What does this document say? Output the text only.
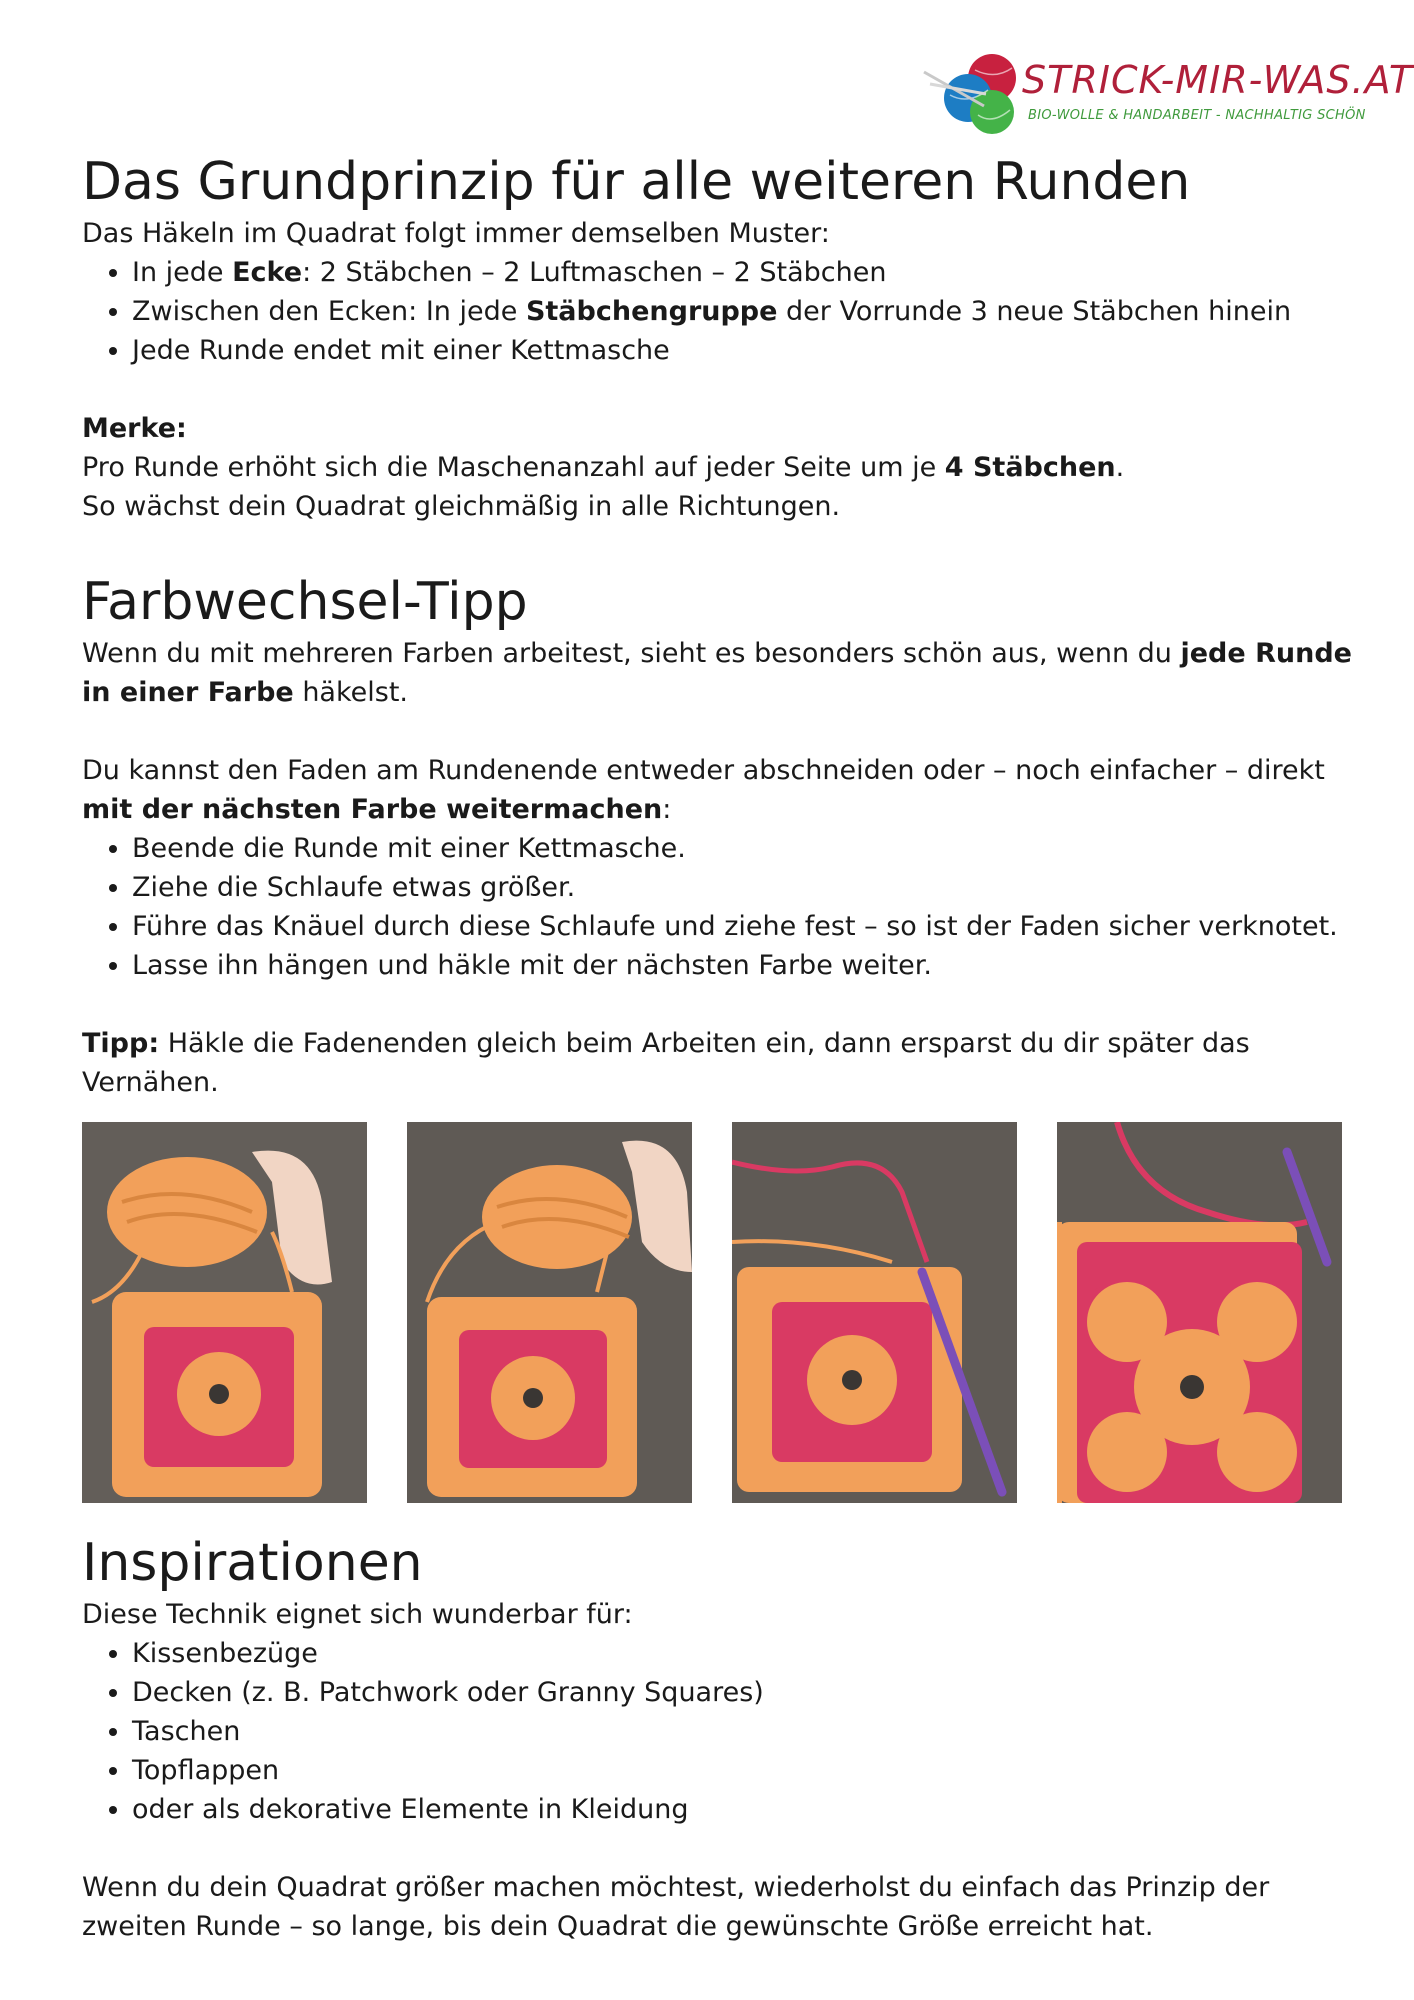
STRICK-MIR-WAS.AT
BIO-WOLLE & HANDARBEIT - NACHHALTIG SCHÖN
Das Grundprinzip für alle weiteren Runden

Das Häkeln im Quadrat folgt immer demselben Muster:

• In jede Ecke: 2 Stäbchen – 2 Luftmaschen – 2 Stäbchen
• Zwischen den Ecken: In jede Stäbchengruppe der Vorrunde 3 neue Stäbchen hinein
• Jede Runde endet mit einer Kettmasche

Merke:

Pro Runde erhöht sich die Maschenanzahl auf jeder Seite um je 4 Stäbchen.

So wächst dein Quadrat gleichmäßig in alle Richtungen.

Farbwechsel-Tipp

Wenn du mit mehreren Farben arbeitest, sieht es besonders schön aus, wenn du jede Runde in einer Farbe häkelst.

Du kannst den Faden am Rundenende entweder abschneiden oder – noch einfacher – direkt mit der nächsten Farbe weitermachen:

• Beende die Runde mit einer Kettmasche.
• Ziehe die Schlaufe etwas größer.
• Führe das Knäuel durch diese Schlaufe und ziehe fest – so ist der Faden sicher verknotet.
• Lasse ihn hängen und häkle mit der nächsten Farbe weiter.

Tipp: Häkle die Fadenenden gleich beim Arbeiten ein, dann ersparst du dir später das Vernähen.

Inspirationen

Diese Technik eignet sich wunderbar für:

• Kissenbezüge
• Decken (z. B. Patchwork oder Granny Squares)
• Taschen
• Topflappen
• oder als dekorative Elemente in Kleidung

Wenn du dein Quadrat größer machen möchtest, wiederholst du einfach das Prinzip der zweiten Runde – so lange, bis dein Quadrat die gewünschte Größe erreicht hat.
